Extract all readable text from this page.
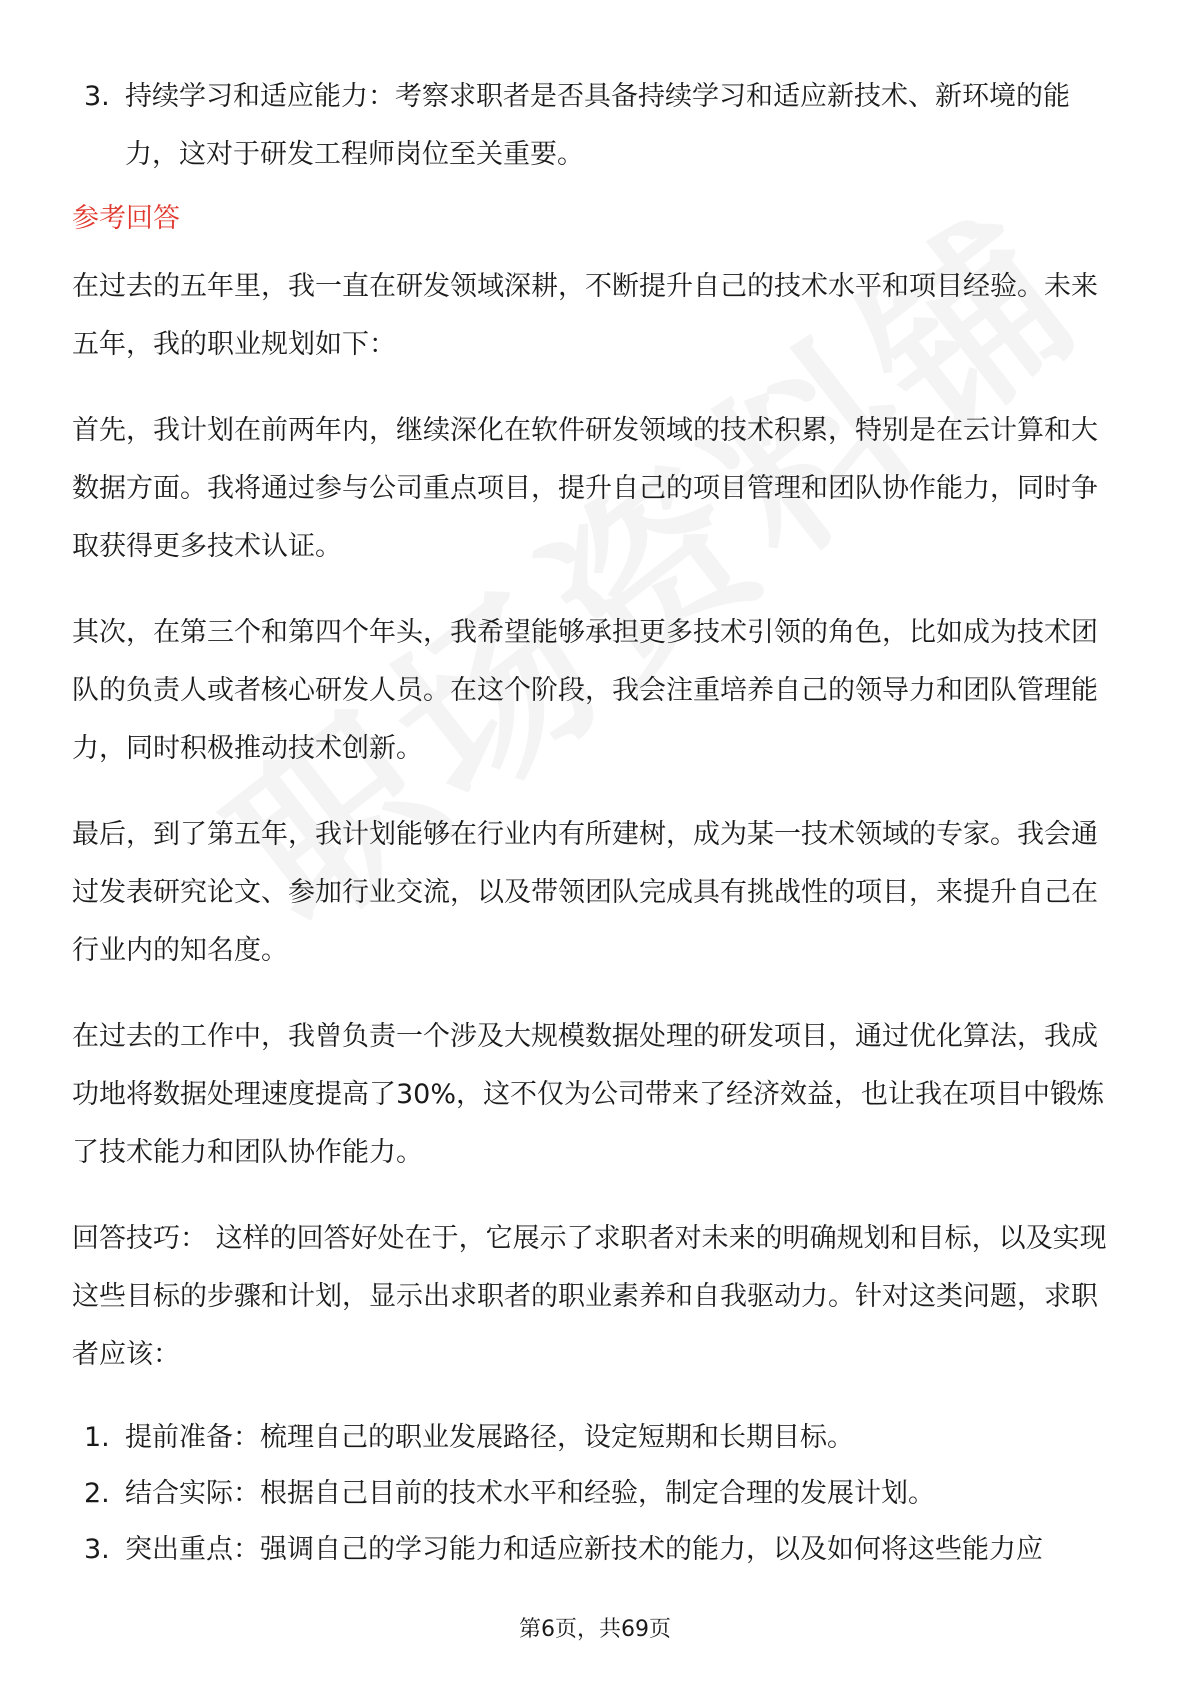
3. 持续学习和适应能力：考察求职者是否具备持续学习和适应新技术、新环境的能力，这对于研发工程师岗位至关重要。
参考回答

在过去的五年里，我一直在研发领域深耕，不断提升自己的技术水平和项目经验。未来五年，我的职业规划如下：

首先，我计划在前两年内，继续深化在软件研发领域的技术积累，特别是在云计算和大数据方面。我将通过参与公司重点项目，提升自己的项目管理和团队协作能力，同时争取获得更多技术认证。

其次，在第三个和第四个年头，我希望能够承担更多技术引领的角色，比如成为技术团队的负责人或者核心研发人员。在这个阶段，我会注重培养自己的领导力和团队管理能力，同时积极推动技术创新。

最后，到了第五年，我计划能够在行业内有所建树，成为某一技术领域的专家。我会通过发表研究论文、参加行业交流，以及带领团队完成具有挑战性的项目，来提升自己在行业内的知名度。

在过去的工作中，我曾负责一个涉及大规模数据处理的研发项目，通过优化算法，我成功地将数据处理速度提高了30%，这不仅为公司带来了经济效益，也让我在项目中锻炼了技术能力和团队协作能力。

回答技巧： 这样的回答好处在于，它展示了求职者对未来的明确规划和目标，以及实现这些目标的步骤和计划，显示出求职者的职业素养和自我驱动力。针对这类问题，求职者应该：

1. 提前准备：梳理自己的职业发展路径，设定短期和长期目标。
2. 结合实际：根据自己目前的技术水平和经验，制定合理的发展计划。
3. 突出重点：强调自己的学习能力和适应新技术的能力，以及如何将这些能力应
第6页，共69页
